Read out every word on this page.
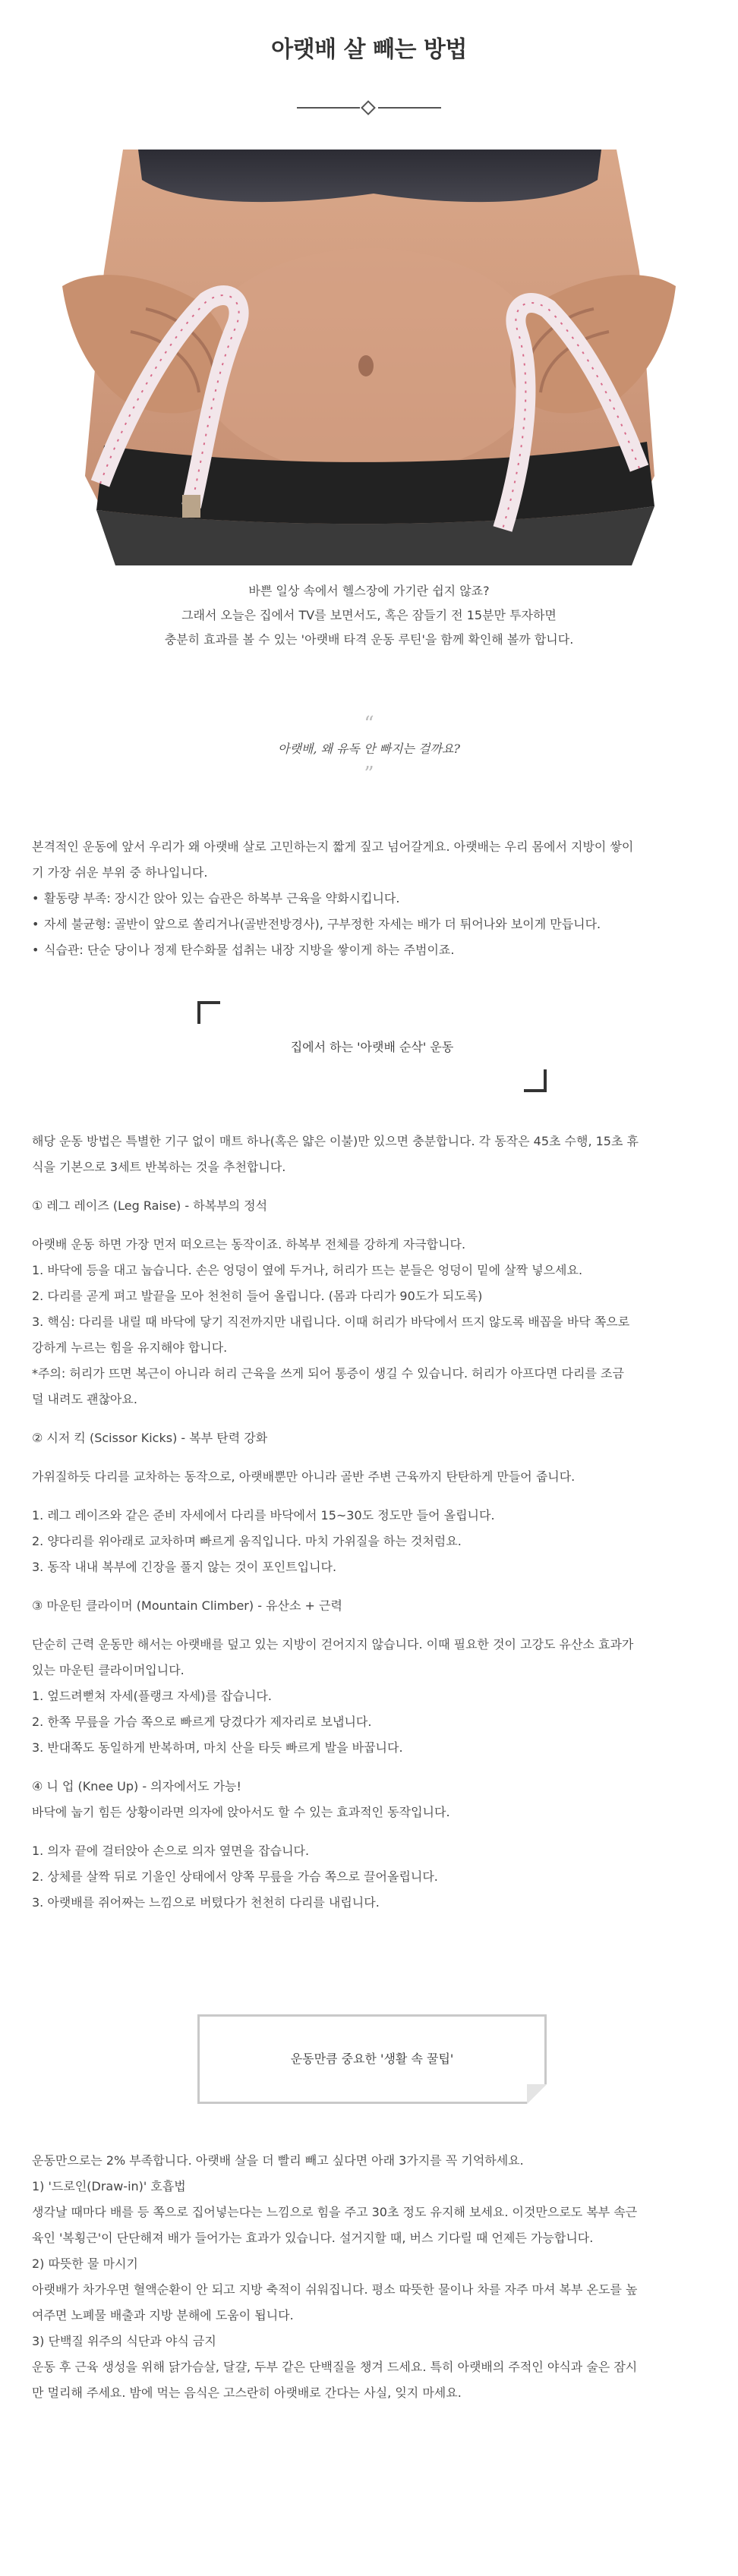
아랫배 살 빼는 방법

바쁜 일상 속에서 헬스장에 가기란 쉽지 않죠?

그래서 오늘은 집에서 TV를 보면서도, 혹은 잠들기 전 15분만 투자하면

충분히 효과를 볼 수 있는 '아랫배 타격 운동 루틴'을 함께 확인해 볼까 합니다.

“
아랫배, 왜 유독 안 빠지는 걸까요?
”

본격적인 운동에 앞서 우리가 왜 아랫배 살로 고민하는지 짧게 짚고 넘어갈게요. 아랫배는 우리 몸에서 지방이 쌓이

기 가장 쉬운 부위 중 하나입니다.

• 활동량 부족: 장시간 앉아 있는 습관은 하복부 근육을 약화시킵니다.

• 자세 불균형: 골반이 앞으로 쏠리거나(골반전방경사), 구부정한 자세는 배가 더 튀어나와 보이게 만듭니다.

• 식습관: 단순 당이나 정제 탄수화물 섭취는 내장 지방을 쌓이게 하는 주범이죠.

집에서 하는 '아랫배 순삭' 운동

해당 운동 방법은 특별한 기구 없이 매트 하나(혹은 얇은 이불)만 있으면 충분합니다. 각 동작은 45초 수행, 15초 휴

식을 기본으로 3세트 반복하는 것을 추천합니다.

① 레그 레이즈 (Leg Raise) - 하복부의 정석

아랫배 운동 하면 가장 먼저 떠오르는 동작이죠. 하복부 전체를 강하게 자극합니다.

1. 바닥에 등을 대고 눕습니다. 손은 엉덩이 옆에 두거나, 허리가 뜨는 분들은 엉덩이 밑에 살짝 넣으세요.

2. 다리를 곧게 펴고 발끝을 모아 천천히 들어 올립니다. (몸과 다리가 90도가 되도록)

3. 핵심: 다리를 내릴 때 바닥에 닿기 직전까지만 내립니다. 이때 허리가 바닥에서 뜨지 않도록 배꼽을 바닥 쪽으로

강하게 누르는 힘을 유지해야 합니다.

*주의: 허리가 뜨면 복근이 아니라 허리 근육을 쓰게 되어 통증이 생길 수 있습니다. 허리가 아프다면 다리를 조금

덜 내려도 괜찮아요.

② 시저 킥 (Scissor Kicks) - 복부 탄력 강화

가위질하듯 다리를 교차하는 동작으로, 아랫배뿐만 아니라 골반 주변 근육까지 탄탄하게 만들어 줍니다.

1. 레그 레이즈와 같은 준비 자세에서 다리를 바닥에서 15~30도 정도만 들어 올립니다.

2. 양다리를 위아래로 교차하며 빠르게 움직입니다. 마치 가위질을 하는 것처럼요.

3. 동작 내내 복부에 긴장을 풀지 않는 것이 포인트입니다.

③ 마운틴 클라이머 (Mountain Climber) - 유산소 + 근력

단순히 근력 운동만 해서는 아랫배를 덮고 있는 지방이 걷어지지 않습니다. 이때 필요한 것이 고강도 유산소 효과가

있는 마운틴 클라이머입니다.

1. 엎드려뻗쳐 자세(플랭크 자세)를 잡습니다.

2. 한쪽 무릎을 가슴 쪽으로 빠르게 당겼다가 제자리로 보냅니다.

3. 반대쪽도 동일하게 반복하며, 마치 산을 타듯 빠르게 발을 바꿉니다.

④ 니 업 (Knee Up) - 의자에서도 가능!

바닥에 눕기 힘든 상황이라면 의자에 앉아서도 할 수 있는 효과적인 동작입니다.

1. 의자 끝에 걸터앉아 손으로 의자 옆면을 잡습니다.

2. 상체를 살짝 뒤로 기울인 상태에서 양쪽 무릎을 가슴 쪽으로 끌어올립니다.

3. 아랫배를 쥐어짜는 느낌으로 버텼다가 천천히 다리를 내립니다.

운동만큼 중요한 '생활 속 꿀팁'

운동만으로는 2% 부족합니다. 아랫배 살을 더 빨리 빼고 싶다면 아래 3가지를 꼭 기억하세요.

1) '드로인(Draw-in)' 호흡법

생각날 때마다 배를 등 쪽으로 집어넣는다는 느낌으로 힘을 주고 30초 정도 유지해 보세요. 이것만으로도 복부 속근

육인 '복횡근'이 단단해져 배가 들어가는 효과가 있습니다. 설거지할 때, 버스 기다릴 때 언제든 가능합니다.

2) 따뜻한 물 마시기

아랫배가 차가우면 혈액순환이 안 되고 지방 축적이 쉬워집니다. 평소 따뜻한 물이나 차를 자주 마셔 복부 온도를 높

여주면 노폐물 배출과 지방 분해에 도움이 됩니다.

3) 단백질 위주의 식단과 야식 금지

운동 후 근육 생성을 위해 닭가슴살, 달걀, 두부 같은 단백질을 챙겨 드세요. 특히 아랫배의 주적인 야식과 술은 잠시

만 멀리해 주세요. 밤에 먹는 음식은 고스란히 아랫배로 간다는 사실, 잊지 마세요.
